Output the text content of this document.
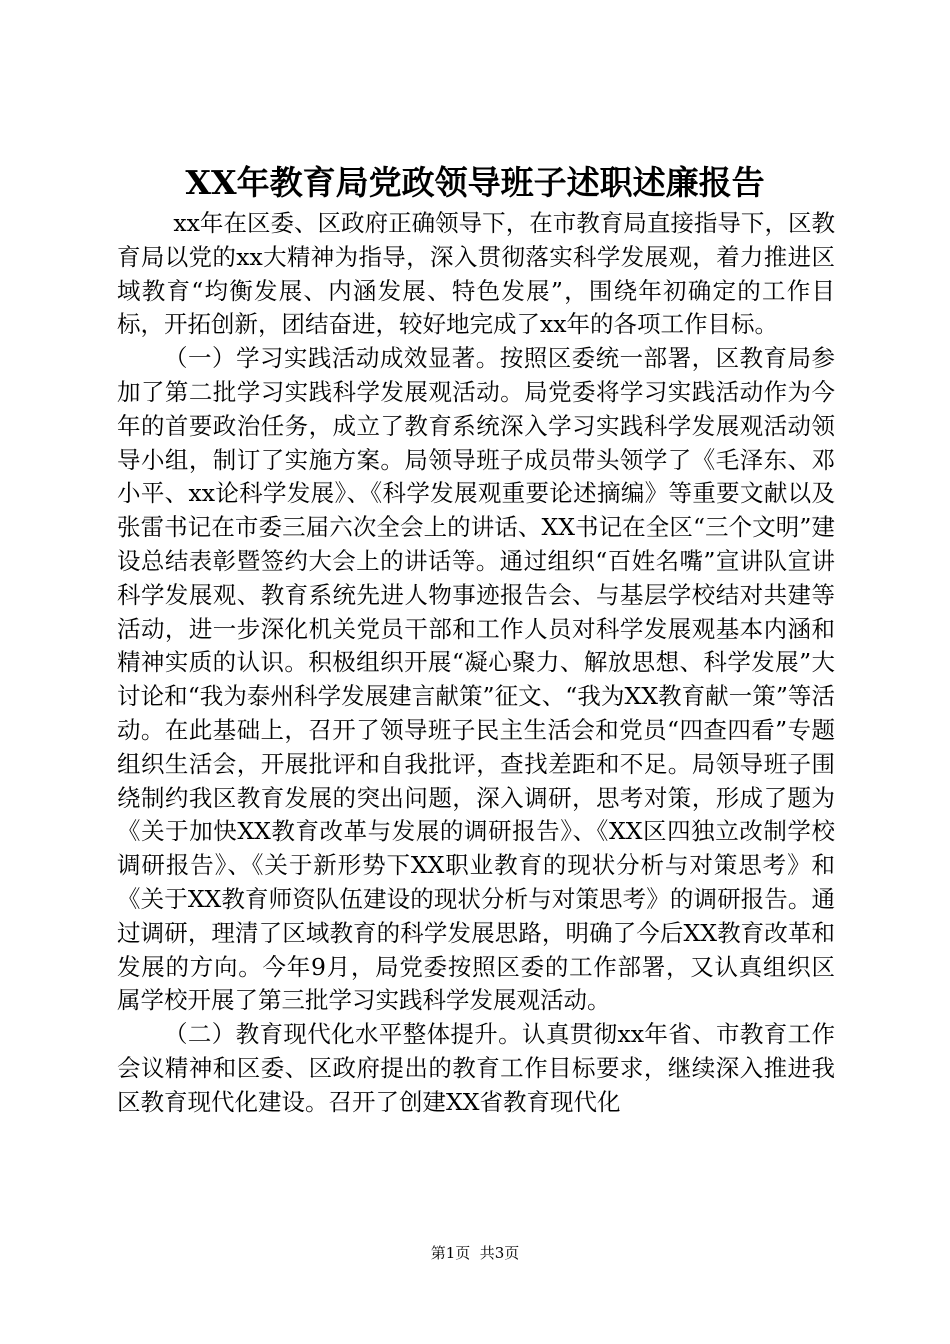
XX年教育局党政领导班子述职述廉报告

xx年在区委、区政府正确领导下，在市教育局直接指导下，区教育局以党的xx大精神为指导，深入贯彻落实科学发展观，着力推进区域教育“均衡发展、内涵发展、特色发展”，围绕年初确定的工作目标，开拓创新，团结奋进，较好地完成了xx年的各项工作目标。

（一）学习实践活动成效显著。按照区委统一部署，区教育局参加了第二批学习实践科学发展观活动。局党委将学习实践活动作为今年的首要政治任务，成立了教育系统深入学习实践科学发展观活动领导小组，制订了实施方案。局领导班子成员带头领学了《毛泽东、邓小平、xx论科学发展》、《科学发展观重要论述摘编》等重要文献以及张雷书记在市委三届六次全会上的讲话、XX书记在全区“三个文明”建设总结表彰暨签约大会上的讲话等。通过组织“百姓名嘴”宣讲队宣讲科学发展观、教育系统先进人物事迹报告会、与基层学校结对共建等活动，进一步深化机关党员干部和工作人员对科学发展观基本内涵和精神实质的认识。积极组织开展“凝心聚力、解放思想、科学发展”大讨论和“我为泰州科学发展建言献策”征文、“我为XX教育献一策”等活动。在此基础上，召开了领导班子民主生活会和党员“四查四看”专题组织生活会，开展批评和自我批评，查找差距和不足。局领导班子围绕制约我区教育发展的突出问题，深入调研，思考对策，形成了题为《关于加快XX教育改革与发展的调研报告》、《XX区四独立改制学校调研报告》、《关于新形势下XX职业教育的现状分析与对策思考》和《关于XX教育师资队伍建设的现状分析与对策思考》的调研报告。通过调研，理清了区域教育的科学发展思路，明确了今后XX教育改革和发展的方向。今年9月，局党委按照区委的工作部署，又认真组织区属学校开展了第三批学习实践科学发展观活动。

（二）教育现代化水平整体提升。认真贯彻xx年省、市教育工作会议精神和区委、区政府提出的教育工作目标要求，继续深入推进我区教育现代化建设。召开了创建XX省教育现代化

第1页  共3页
